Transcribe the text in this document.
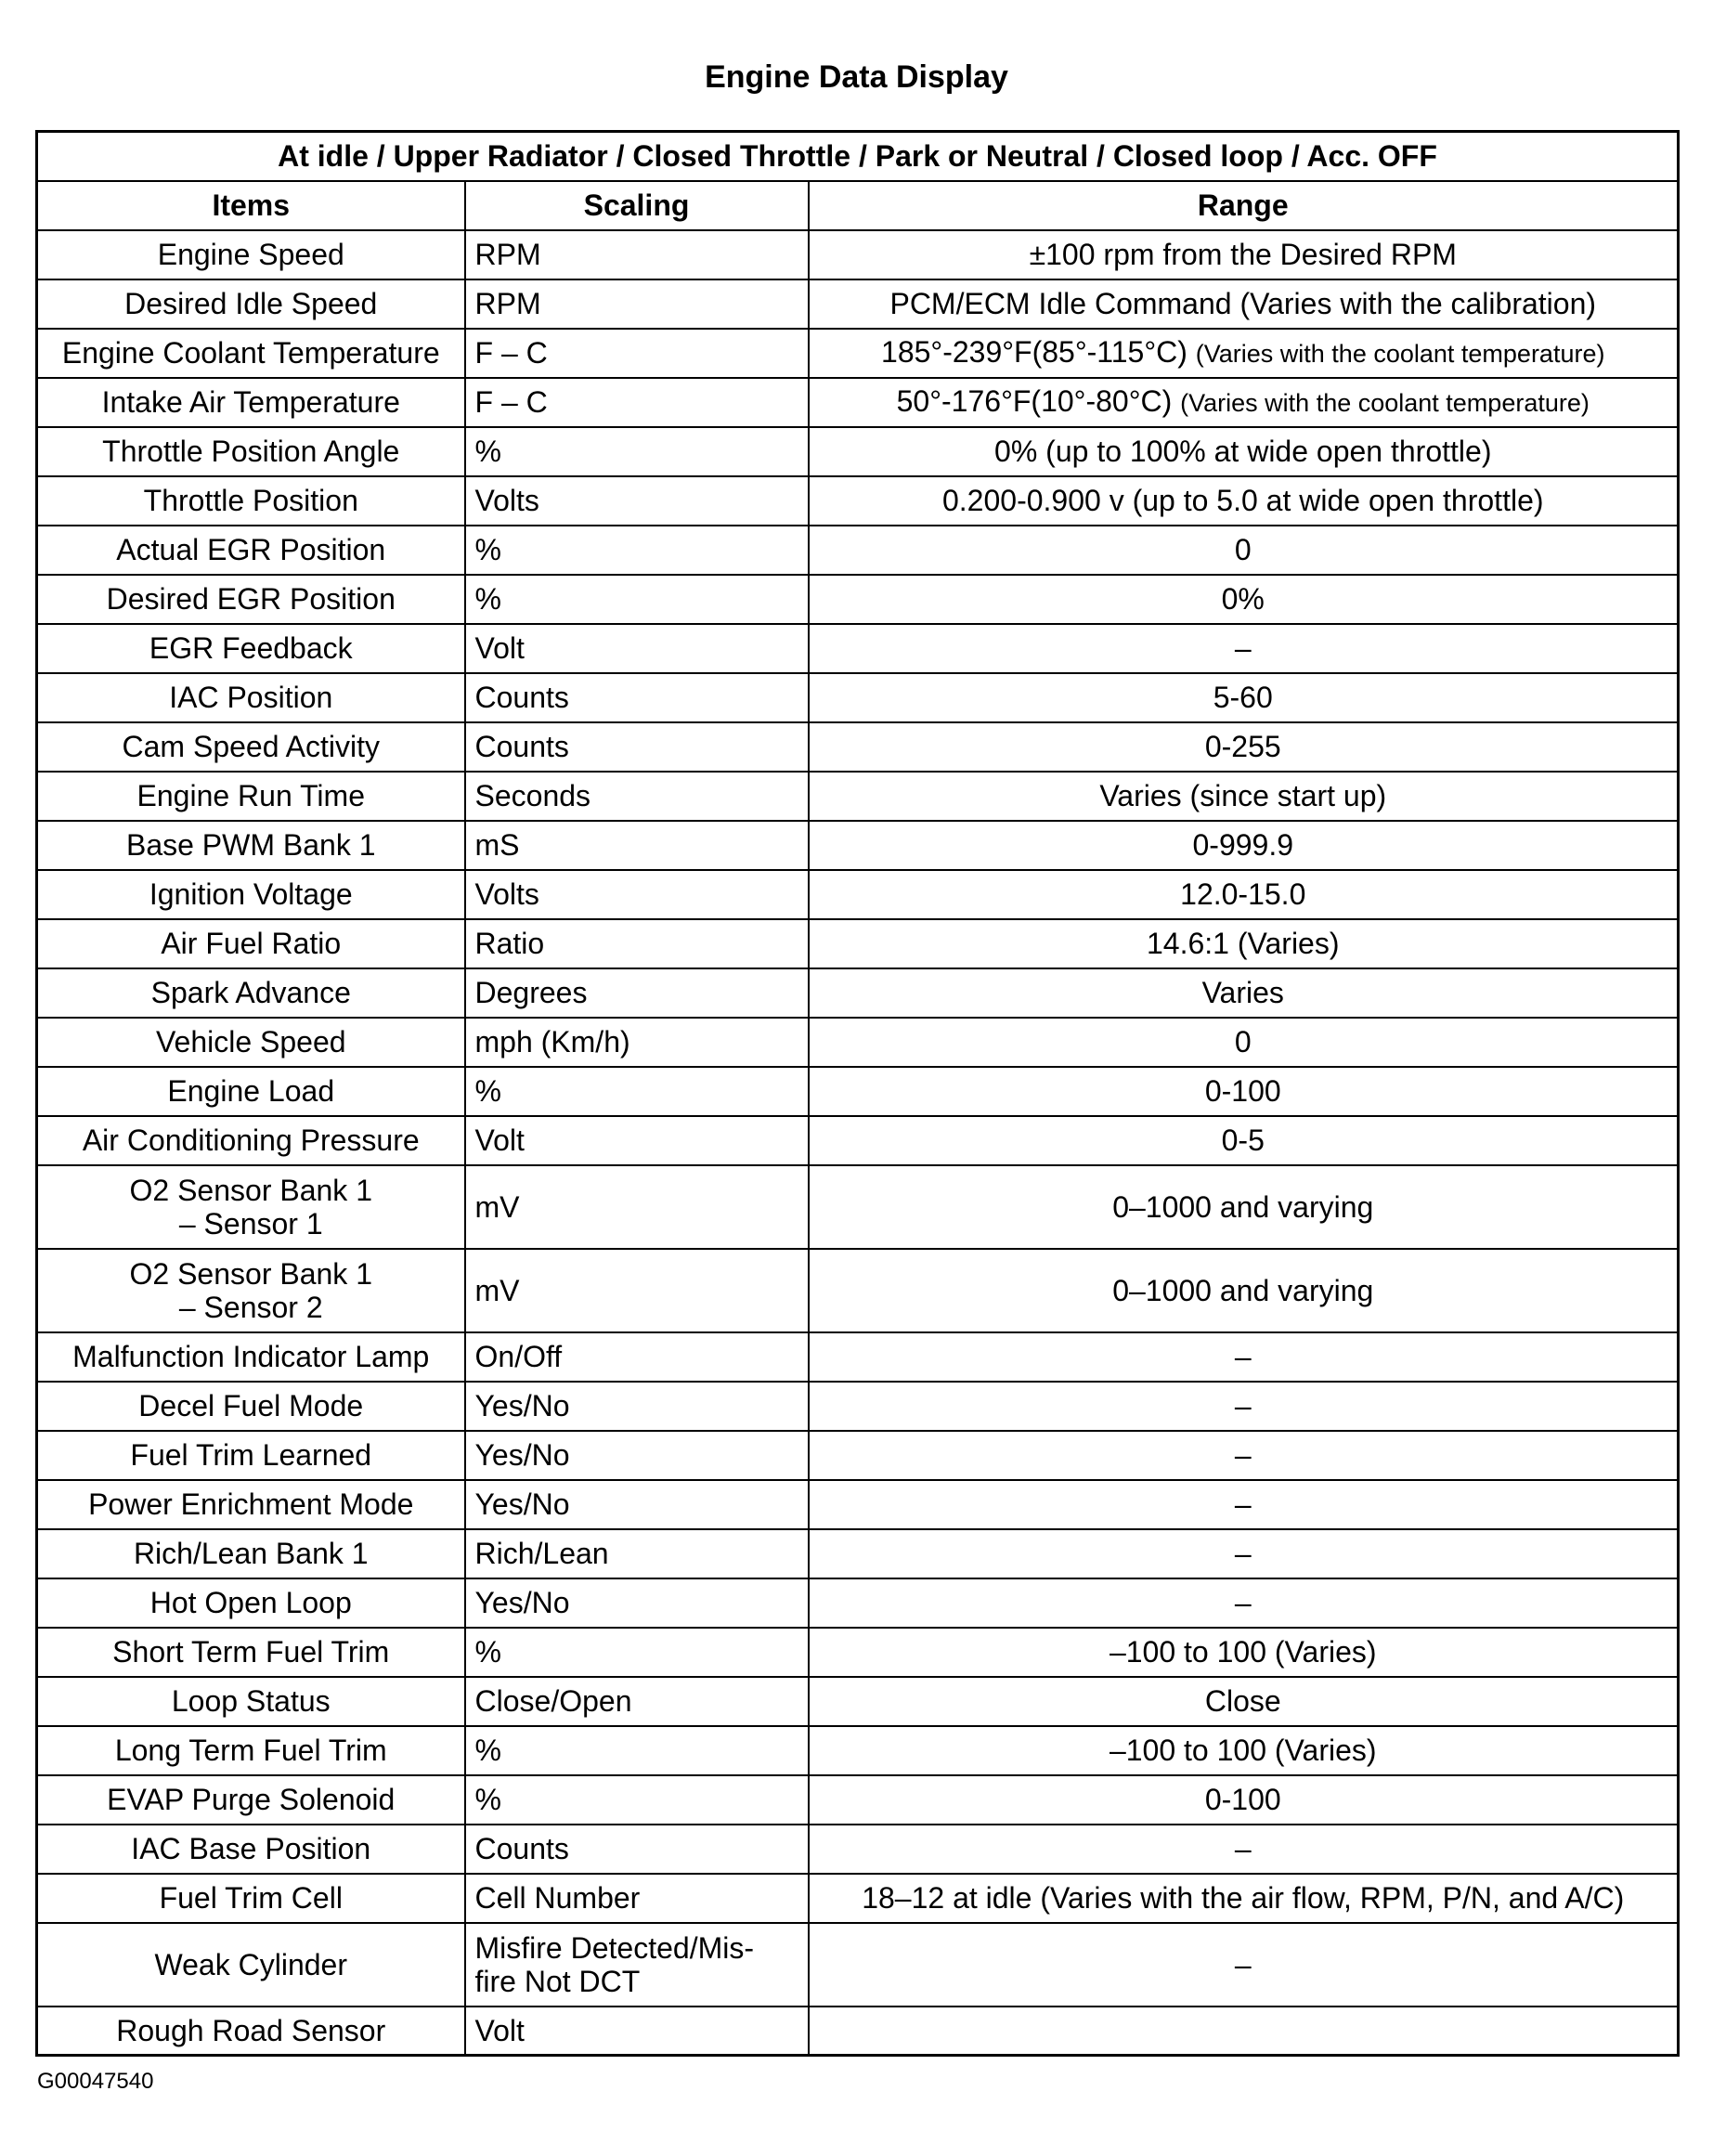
Engine Data Display
At idle / Upper Radiator / Closed Throttle / Park or Neutral / Closed loop / Acc. OFF		
Items	Scaling	Range
Engine Speed	RPM	±100 rpm from the Desired RPM
Desired Idle Speed	RPM	PCM/ECM Idle Command (Varies with the calibration)
Engine Coolant Temperature	F – C	185°-239°F(85°-115°C) (Varies with the coolant temperature)
Intake Air Temperature	F – C	50°-176°F(10°-80°C) (Varies with the coolant temperature)
Throttle Position Angle	%	0% (up to 100% at wide open throttle)
Throttle Position	Volts	0.200-0.900 v (up to 5.0 at wide open throttle)
Actual EGR Position	%	0
Desired EGR Position	%	0%
EGR Feedback	Volt	–
IAC Position	Counts	5-60
Cam Speed Activity	Counts	0-255
Engine Run Time	Seconds	Varies (since start up)
Base PWM Bank 1	mS	0-999.9
Ignition Voltage	Volts	12.0-15.0
Air Fuel Ratio	Ratio	14.6:1 (Varies)
Spark Advance	Degrees	Varies
Vehicle Speed	mph (Km/h)	0
Engine Load	%	0-100
Air Conditioning Pressure	Volt	0-5
O2 Sensor Bank 1
– Sensor 1	mV	0–1000 and varying
O2 Sensor Bank 1
– Sensor 2	mV	0–1000 and varying
Malfunction Indicator Lamp	On/Off	–
Decel Fuel Mode	Yes/No	–
Fuel Trim Learned	Yes/No	–
Power Enrichment Mode	Yes/No	–
Rich/Lean Bank 1	Rich/Lean	–
Hot Open Loop	Yes/No	–
Short Term Fuel Trim	%	–100 to 100 (Varies)
Loop Status	Close/Open	Close
Long Term Fuel Trim	%	–100 to 100 (Varies)
EVAP Purge Solenoid	%	0-100
IAC Base Position	Counts	–
Fuel Trim Cell	Cell Number	18–12 at idle (Varies with the air flow, RPM, P/N, and A/C)
Weak Cylinder	Misfire Detected/Mis-
fire Not DCT	–
Rough Road Sensor	Volt	
G00047540
